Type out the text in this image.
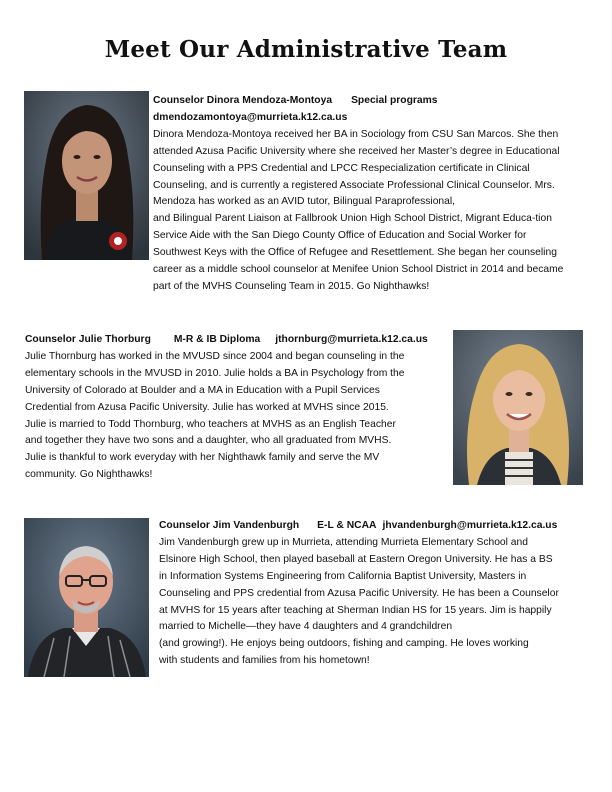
Meet Our Administrative Team
Counselor Dinora Mendoza-Montoya Special programs
dmendozamontoya@murrieta.k12.ca.us
Dinora Mendoza-Montoya received her BA in Sociology from CSU San Marcos. She then
attended Azusa Pacific University where she received her Master’s degree in Educational
Counseling with a PPS Credential and LPCC Respecialization certificate in Clinical
Counseling, and is currently a registered Associate Professional Clinical Counselor. Mrs.
Mendoza has worked as an AVID tutor, Bilingual Paraprofessional,
and Bilingual Parent Liaison at Fallbrook Union High School District, Migrant Educa-tion
Service Aide with the San Diego County Office of Education and Social Worker for
Southwest Keys with the Office of Refugee and Resettlement. She began her counseling
career as a middle school counselor at Menifee Union School District in 2014 and became
part of the MVHS Counseling Team in 2015. Go Nighthawks!
Counselor Julie Thorburg M-R & IB Diploma jthornburg@murrieta.k12.ca.us
Julie Thornburg has worked in the MVUSD since 2004 and began counseling in the
elementary schools in the MVUSD in 2010. Julie holds a BA in Psychology from the
University of Colorado at Boulder and a MA in Education with a Pupil Services
Credential from Azusa Pacific University. Julie has worked at MVHS since 2015.
Julie is married to Todd Thornburg, who teachers at MVHS as an English Teacher
and together they have two sons and a daughter, who all graduated from MVHS.
Julie is thankful to work everyday with her Nighthawk family and serve the MV
community. Go Nighthawks!
Counselor Jim Vandenburgh E-L & NCAA jhvandenburgh@murrieta.k12.ca.us
Jim Vandenburgh grew up in Murrieta, attending Murrieta Elementary School and
Elsinore High School, then played baseball at Eastern Oregon University. He has a BS
in Information Systems Engineering from California Baptist University, Masters in
Counseling and PPS credential from Azusa Pacific University. He has been a Counselor
at MVHS for 15 years after teaching at Sherman Indian HS for 15 years. Jim is happily
married to Michelle—they have 4 daughters and 4 grandchildren
(and growing!). He enjoys being outdoors, fishing and camping. He loves working
with students and families from his hometown!
